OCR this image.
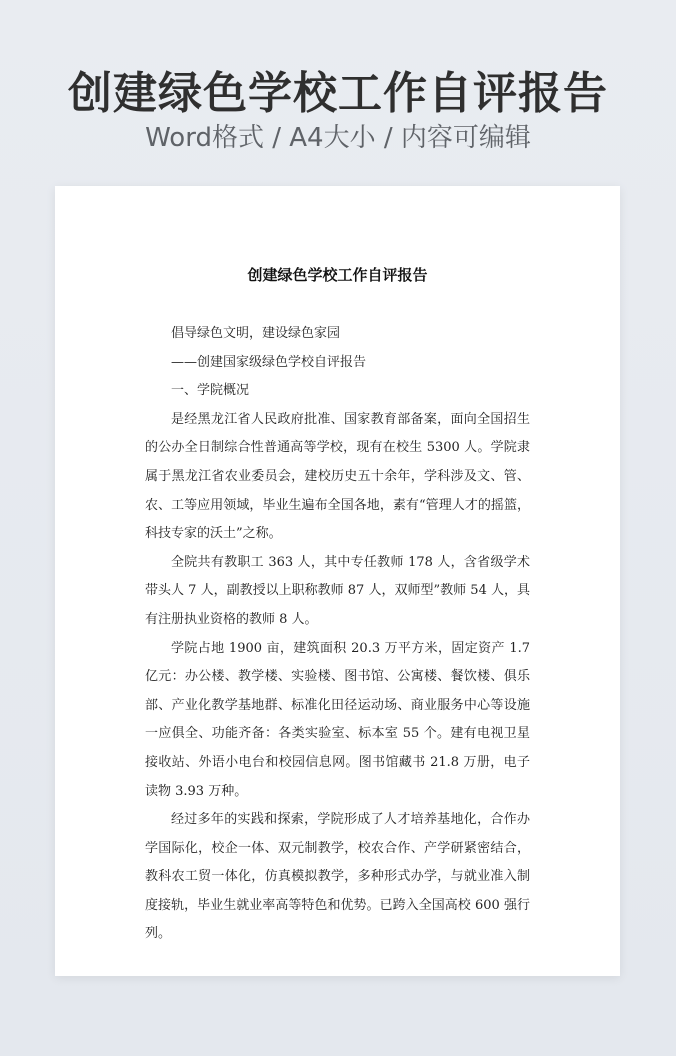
创建绿色学校工作自评报告
Word格式 / A4大小 / 内容可编辑
创建绿色学校工作自评报告

倡导绿色文明，建设绿色家园

——创建国家级绿色学校自评报告

一、学院概况

是经黑龙江省人民政府批准、国家教育部备案，面向全国招生的公办全日制综合性普通高等学校，现有在校生 5300 人。学院隶属于黑龙江省农业委员会，建校历史五十余年，学科涉及文、管、农、工等应用领域，毕业生遍布全国各地，素有“管理人才的摇篮，科技专家的沃土”之称。

全院共有教职工 363 人，其中专任教师 178 人，含省级学术带头人 7 人，副教授以上职称教师 87 人，双师型”教师 54 人，具有注册执业资格的教师 8 人。

学院占地 1900 亩，建筑面积 20.3 万平方米，固定资产 1.7 亿元：办公楼、教学楼、实验楼、图书馆、公寓楼、餐饮楼、俱乐部、产业化教学基地群、标准化田径运动场、商业服务中心等设施一应俱全、功能齐备：各类实验室、标本室 55 个。建有电视卫星接收站、外语小电台和校园信息网。图书馆藏书 21.8 万册，电子读物 3.93 万种。

经过多年的实践和探索，学院形成了人才培养基地化，合作办学国际化，校企一体、双元制教学，校农合作、产学研紧密结合，教科农工贸一体化，仿真模拟教学，多种形式办学，与就业准入制度接轨，毕业生就业率高等特色和优势。已跨入全国高校 600 强行列。
